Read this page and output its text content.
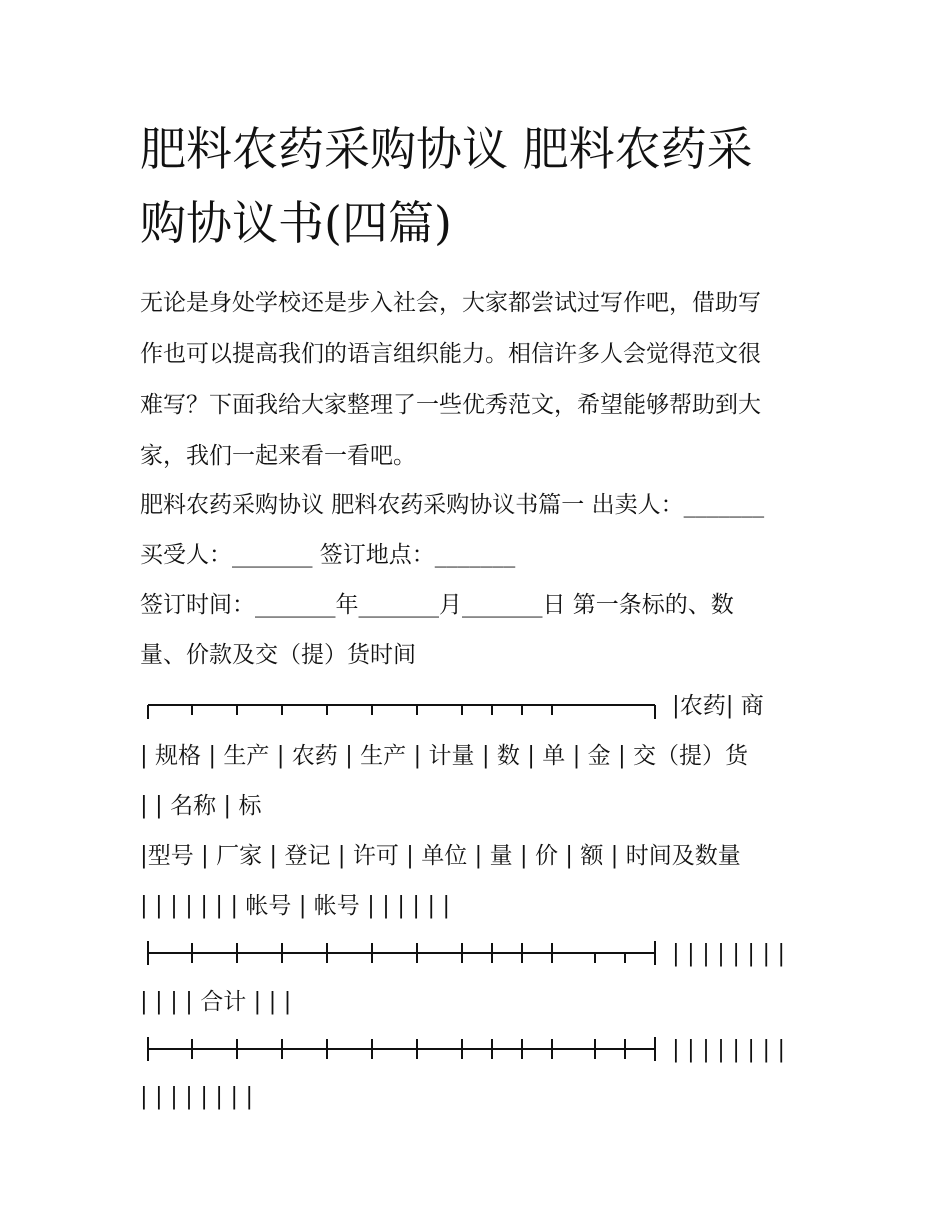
肥料农药采购协议 肥料农药采
购协议书(四篇)
无论是身处学校还是步入社会，大家都尝试过写作吧，借助写
作也可以提高我们的语言组织能力。相信许多人会觉得范文很
难写？下面我给大家整理了一些优秀范文，希望能够帮助到大
家，我们一起来看一看吧。
肥料农药采购协议 肥料农药采购协议书篇一 出卖人：_______
买受人：_______ 签订地点：_______
签订时间：_______年_______月_______日 第一条标的、数
量、价款及交（提）货时间
|农药| 商
| 规格 | 生产 | 农药 | 生产 | 计量 | 数 | 单 | 金 | 交（提）货
| | 名称 | 标
|型号 | 厂家 | 登记 | 许可 | 单位 | 量 | 价 | 额 | 时间及数量
| | | | | | | 帐号 | 帐号 | | | | | |
| | | | | | | |
| | | | 合计 | | |
| | | | | | | |
| | | | | | | |
